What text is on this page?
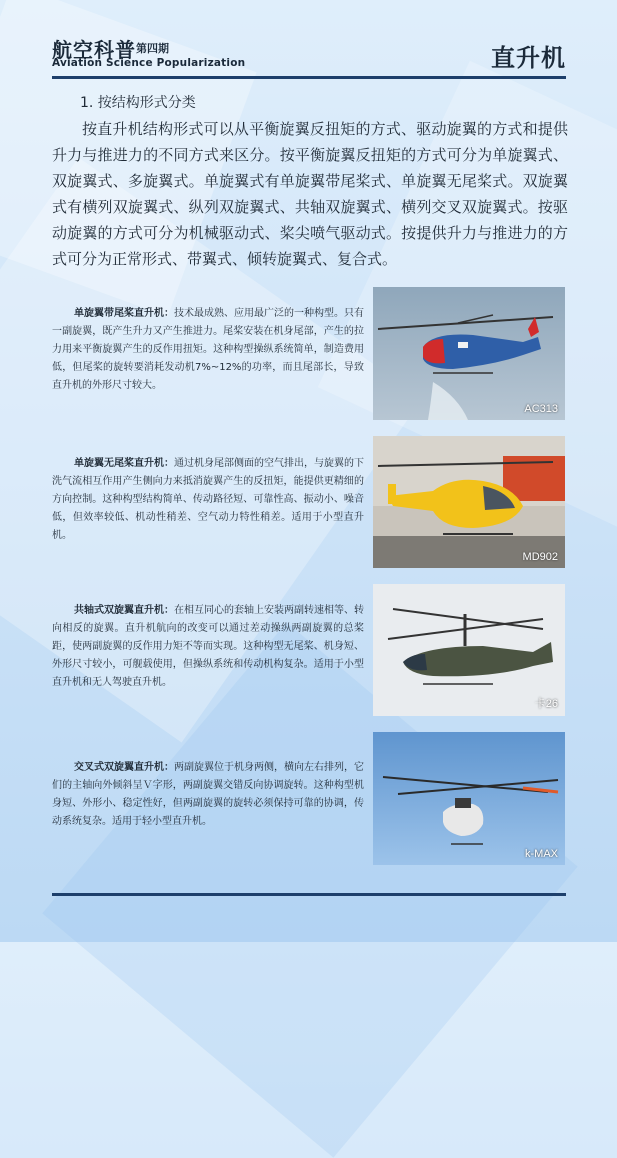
航空科普 第四期
Aviation Science Popularization	直升机
1. 按结构形式分类

按直升机结构形式可以从平衡旋翼反扭矩的方式、驱动旋翼的方式和提供升力与推进力的不同方式来区分。按平衡旋翼反扭矩的方式可分为单旋翼式、双旋翼式、多旋翼式。单旋翼式有单旋翼带尾桨式、单旋翼无尾桨式。双旋翼式有横列双旋翼式、纵列双旋翼式、共轴双旋翼式、横列交叉双旋翼式。按驱动旋翼的方式可分为机械驱动式、桨尖喷气驱动式。按提供升力与推进力的方式可分为正常形式、带翼式、倾转旋翼式、复合式。

单旋翼带尾桨直升机：技术最成熟、应用最广泛的一种构型。只有一副旋翼，既产生升力又产生推进力。尾桨安装在机身尾部，产生的拉力用来平衡旋翼产生的反作用扭矩。这种构型操纵系统简单，制造费用低，但尾桨的旋转要消耗发动机7%~12%的功率，而且尾部长，导致直升机的外形尺寸较大。

AC313

单旋翼无尾桨直升机：通过机身尾部侧面的空气排出，与旋翼的下洗气流相互作用产生侧向力来抵消旋翼产生的反扭矩，能提供更精细的方向控制。这种构型结构简单、传动路径短、可靠性高、振动小、噪音低，但效率较低、机动性稍差、空气动力特性稍差。适用于小型直升机。

MD902

共轴式双旋翼直升机：在相互同心的套轴上安装两副转速相等、转向相反的旋翼。直升机航向的改变可以通过差动操纵两副旋翼的总桨距，使两副旋翼的反作用力矩不等而实现。这种构型无尾桨、机身短、外形尺寸较小，可舰载使用，但操纵系统和传动机构复杂。适用于小型直升机和无人驾驶直升机。

卡26

交叉式双旋翼直升机：两副旋翼位于机身两侧，横向左右排列，它们的主轴向外倾斜呈Ｖ字形，两副旋翼交错反向协调旋转。这种构型机身短、外形小、稳定性好，但两副旋翼的旋转必须保持可靠的协调，传动系统复杂。适用于轻小型直升机。

k-MAX
